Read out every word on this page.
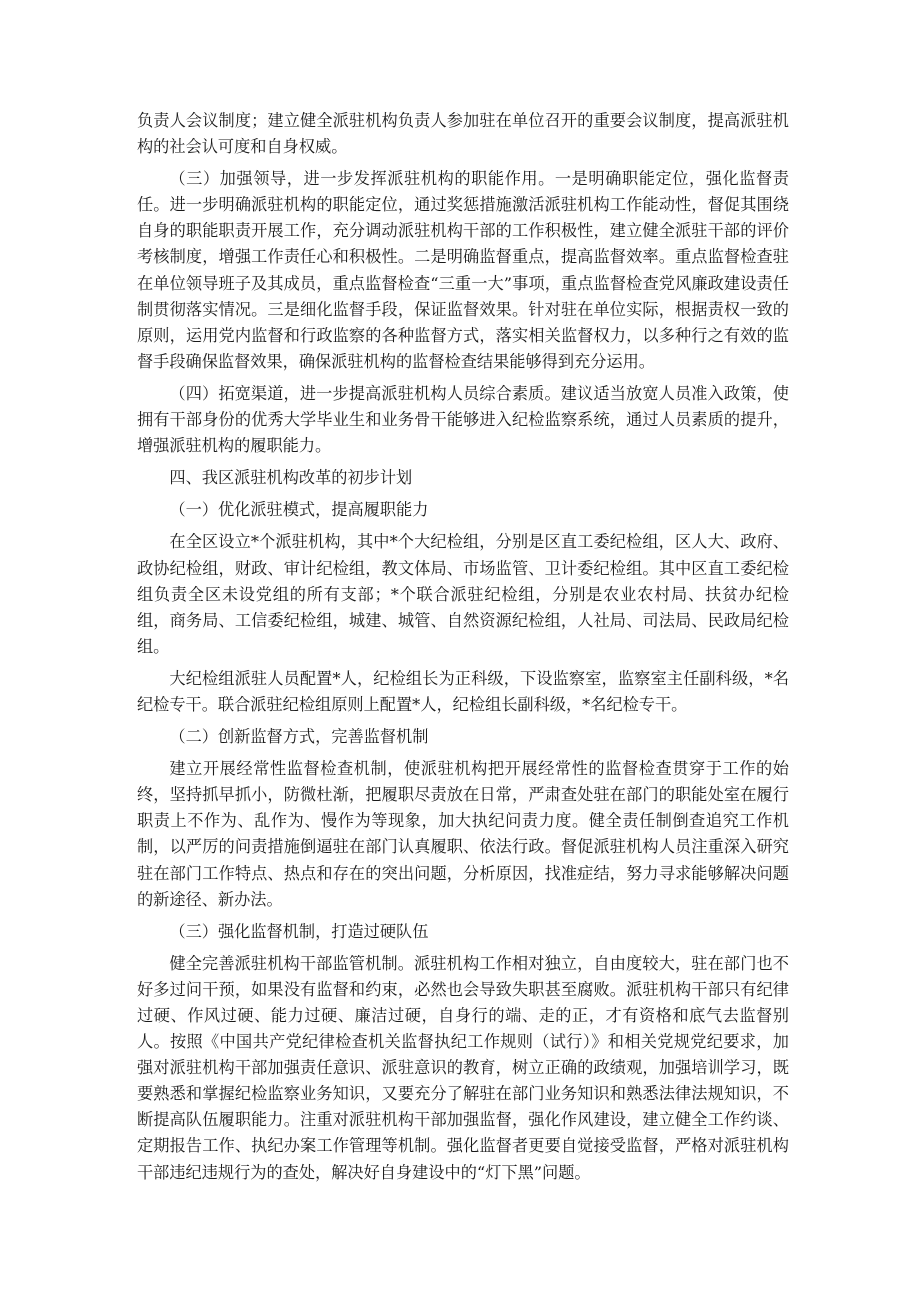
负责人会议制度；建立健全派驻机构负责人参加驻在单位召开的重要会议制度，提高派驻机构的社会认可度和自身权威。

（三）加强领导，进一步发挥派驻机构的职能作用。一是明确职能定位，强化监督责任。进一步明确派驻机构的职能定位，通过奖惩措施激活派驻机构工作能动性，督促其围绕自身的职能职责开展工作，充分调动派驻机构干部的工作积极性，建立健全派驻干部的评价考核制度，增强工作责任心和积极性。二是明确监督重点，提高监督效率。重点监督检查驻在单位领导班子及其成员，重点监督检查“三重一大”事项，重点监督检查党风廉政建设责任制贯彻落实情况。三是细化监督手段，保证监督效果。针对驻在单位实际，根据责权一致的原则，运用党内监督和行政监察的各种监督方式，落实相关监督权力，以多种行之有效的监督手段确保监督效果，确保派驻机构的监督检查结果能够得到充分运用。

（四）拓宽渠道，进一步提高派驻机构人员综合素质。建议适当放宽人员准入政策，使拥有干部身份的优秀大学毕业生和业务骨干能够进入纪检监察系统，通过人员素质的提升，增强派驻机构的履职能力。

四、我区派驻机构改革的初步计划

（一）优化派驻模式，提高履职能力

在全区设立*个派驻机构，其中*个大纪检组，分别是区直工委纪检组，区人大、政府、政协纪检组，财政、审计纪检组，教文体局、市场监管、卫计委纪检组。其中区直工委纪检组负责全区未设党组的所有支部；*个联合派驻纪检组，分别是农业农村局、扶贫办纪检组，商务局、工信委纪检组，城建、城管、自然资源纪检组，人社局、司法局、民政局纪检组。

大纪检组派驻人员配置*人，纪检组长为正科级，下设监察室，监察室主任副科级，*名纪检专干。联合派驻纪检组原则上配置*人，纪检组长副科级，*名纪检专干。

（二）创新监督方式，完善监督机制

建立开展经常性监督检查机制，使派驻机构把开展经常性的监督检查贯穿于工作的始终，坚持抓早抓小，防微杜渐，把履职尽责放在日常，严肃查处驻在部门的职能处室在履行职责上不作为、乱作为、慢作为等现象，加大执纪问责力度。健全责任制倒查追究工作机制，以严厉的问责措施倒逼驻在部门认真履职、依法行政。督促派驻机构人员注重深入研究驻在部门工作特点、热点和存在的突出问题，分析原因，找准症结，努力寻求能够解决问题的新途径、新办法。

（三）强化监督机制，打造过硬队伍

健全完善派驻机构干部监管机制。派驻机构工作相对独立，自由度较大，驻在部门也不好多过问干预，如果没有监督和约束，必然也会导致失职甚至腐败。派驻机构干部只有纪律过硬、作风过硬、能力过硬、廉洁过硬，自身行的端、走的正，才有资格和底气去监督别人。按照《中国共产党纪律检查机关监督执纪工作规则（试行）》和相关党规党纪要求，加强对派驻机构干部加强责任意识、派驻意识的教育，树立正确的政绩观，加强培训学习，既要熟悉和掌握纪检监察业务知识，又要充分了解驻在部门业务知识和熟悉法律法规知识，不断提高队伍履职能力。注重对派驻机构干部加强监督，强化作风建设，建立健全工作约谈、定期报告工作、执纪办案工作管理等机制。强化监督者更要自觉接受监督，严格对派驻机构干部违纪违规行为的查处，解决好自身建设中的“灯下黑”问题。
